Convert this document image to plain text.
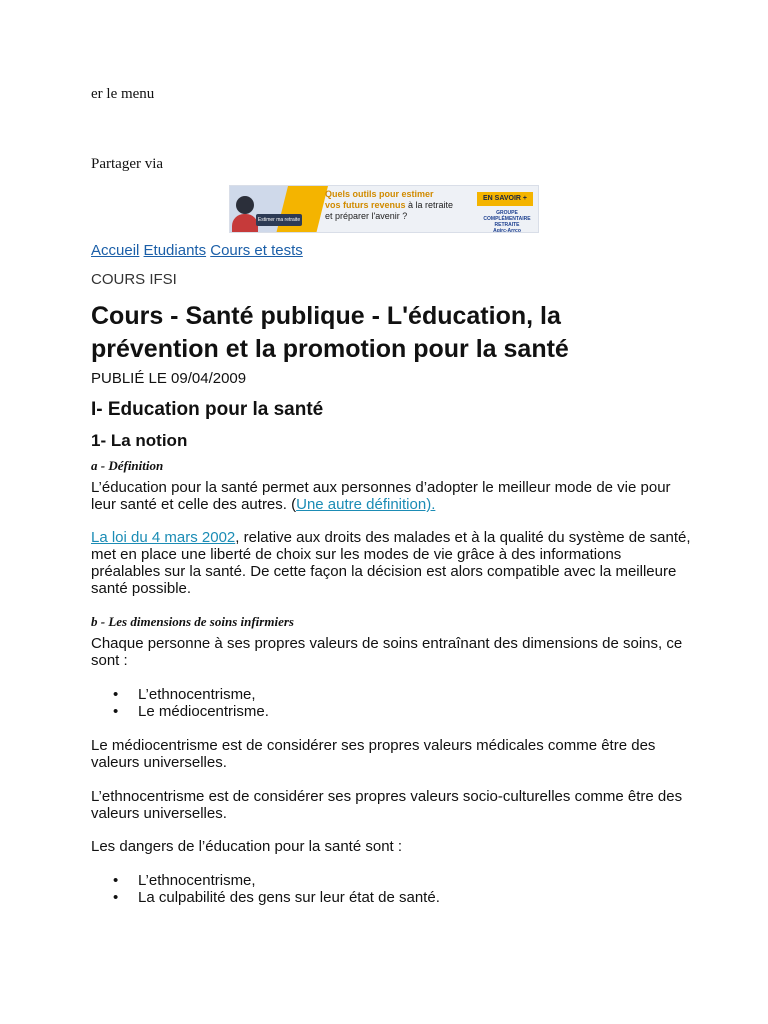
er le menu
Partager via
Estimer ma retraite
Quels outils pour estimer
vos futurs revenus à la retraite
et préparer l'avenir ?
EN SAVOIR +
GROUPE
COMPLÉMENTAIRE RETRAITE
Agirc-Arrco
Accueil Etudiants Cours et tests
COURS IFSI
Cours - Santé publique - L'éducation, la prévention et la promotion pour la santé
PUBLIÉ LE 09/04/2009
I- Education pour la santé
1- La notion
a - Définition

L’éducation pour la santé permet aux personnes d’adopter le meilleur mode de vie pour leur santé et celle des autres. (Une autre définition).

La loi du 4 mars 2002, relative aux droits des malades et à la qualité du système de santé, met en place une liberté de choix sur les modes de vie grâce à des informations préalables sur la santé. De cette façon la décision est alors compatible avec la meilleure santé possible.

b - Les dimensions de soins infirmiers

Chaque personne à ses propres valeurs de soins entraînant des dimensions de soins, ce sont :

• L’ethnocentrisme,
• Le médiocentrisme.

Le médiocentrisme est de considérer ses propres valeurs médicales comme être des valeurs universelles.

L’ethnocentrisme est de considérer ses propres valeurs socio-culturelles comme être des valeurs universelles.

Les dangers de l’éducation pour la santé sont :

• L’ethnocentrisme,
• La culpabilité des gens sur leur état de santé.
